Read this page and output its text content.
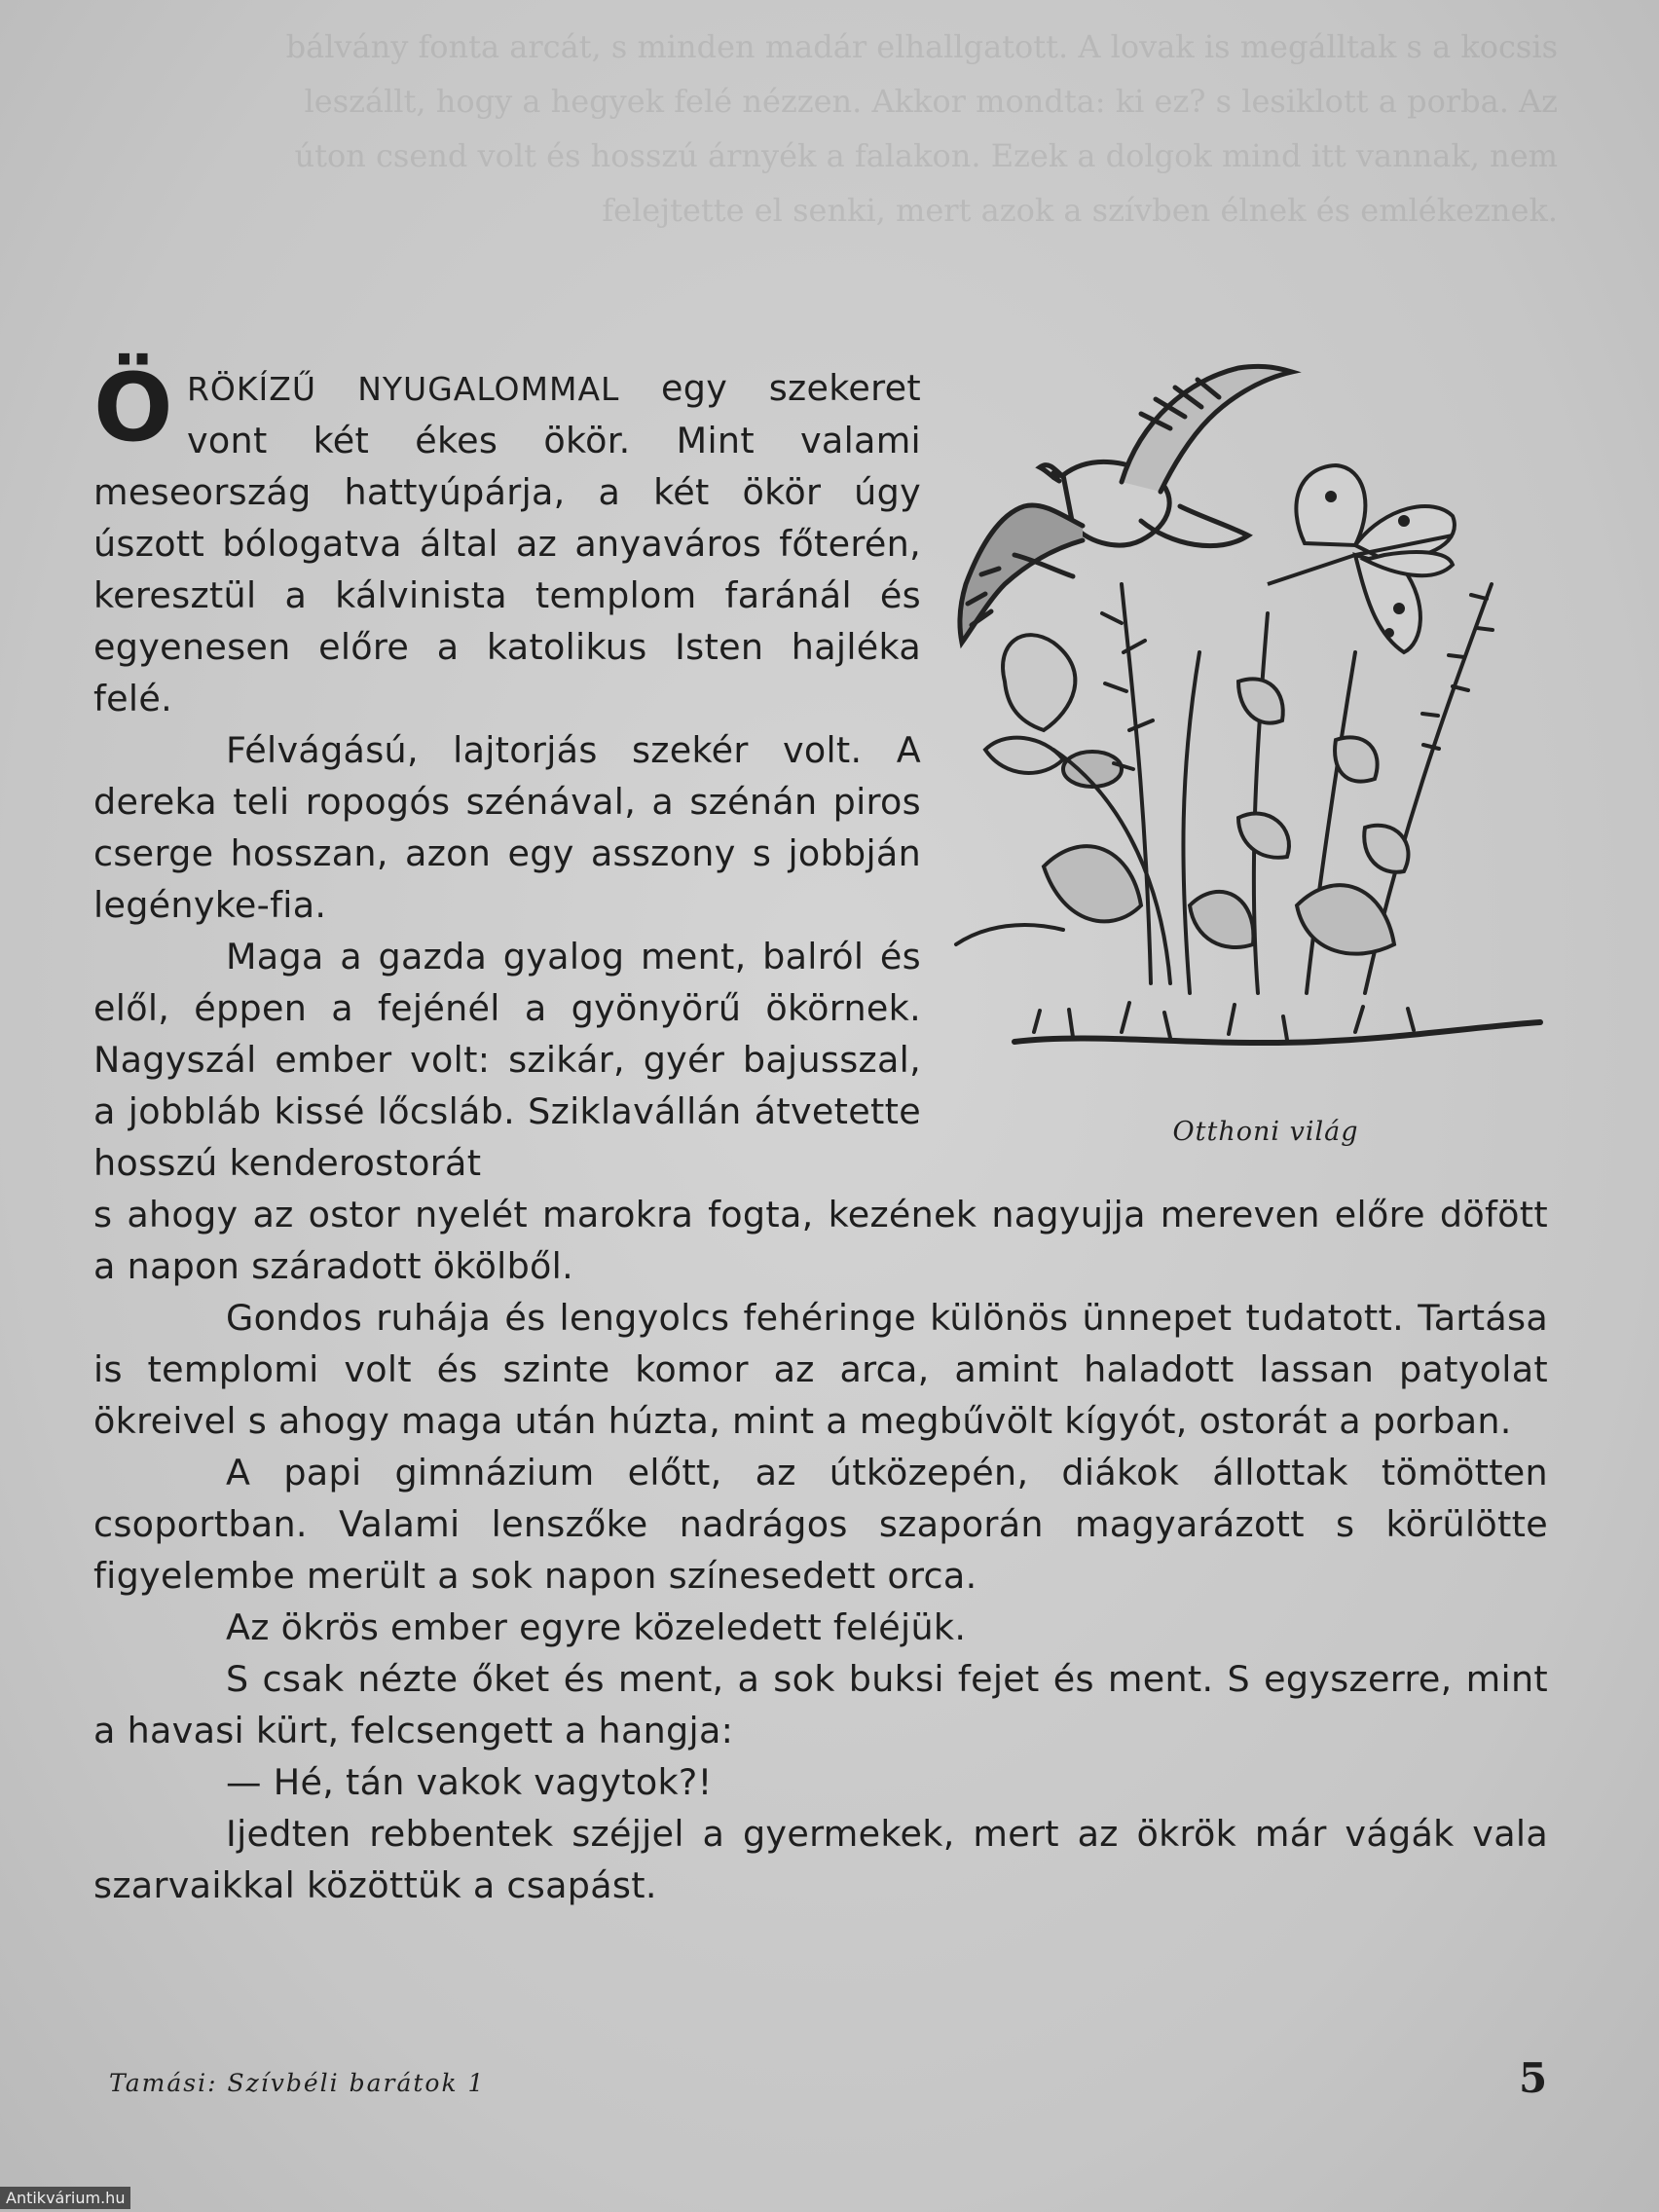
bálvány fonta arcát, s minden madár elhallgatott. A lovak is megálltak s a kocsis leszállt, hogy a hegyek felé nézzen. Akkor mondta: ki ez? s lesiklott a porba. Az úton csend volt és hosszú árnyék a falakon. Ezek a dolgok mind itt vannak, nem felejtette el senki, mert azok a szívben élnek és emlékeznek.

ÖRÖKÍZŰ NYUGALOMMAL egy szekeret vont két ékes ökör. Mint valami meseország hattyúpárja, a két ökör úgy úszott bólogatva által az anyaváros főterén, keresztül a kálvinista templom faránál és egyenesen előre a katolikus Isten hajléka felé.

Félvágású, lajtorjás szekér volt. A dereka teli ropogós szénával, a szénán piros cserge hosszan, azon egy asszony s jobbján legényke-fia.

Maga a gazda gyalog ment, balról és elől, éppen a fejénél a gyönyörű ökörnek. Nagyszál ember volt: szikár, gyér bajusszal, a jobbláb kissé lőcsláb. Sziklavállán átvetette hosszú kenderostorát

s ahogy az ostor nyelét marokra fogta, kezének nagyujja mereven előre döfött a napon száradott ökölből.

Gondos ruhája és lengyolcs fehéringe különös ünnepet tudatott. Tartása is templomi volt és szinte komor az arca, amint haladott lassan patyolat ökreivel s ahogy maga után húzta, mint a megbűvölt kígyót, ostorát a porban.

A papi gimnázium előtt, az útközepén, diákok állottak tömötten csoportban. Valami lenszőke nadrágos szaporán magyarázott s körülötte figyelembe merült a sok napon színesedett orca.

Az ökrös ember egyre közeledett feléjük.

S csak nézte őket és ment, a sok buksi fejet és ment. S egyszerre, mint a havasi kürt, felcsengett a hangja:

— Hé, tán vakok vagytok?!

Ijedten rebbentek széjjel a gyermekek, mert az ökrök már vágák vala szarvaikkal közöttük a csapást.

Otthoni világ
Tamási: Szívbéli barátok 1	5
Antikvárium.hu
